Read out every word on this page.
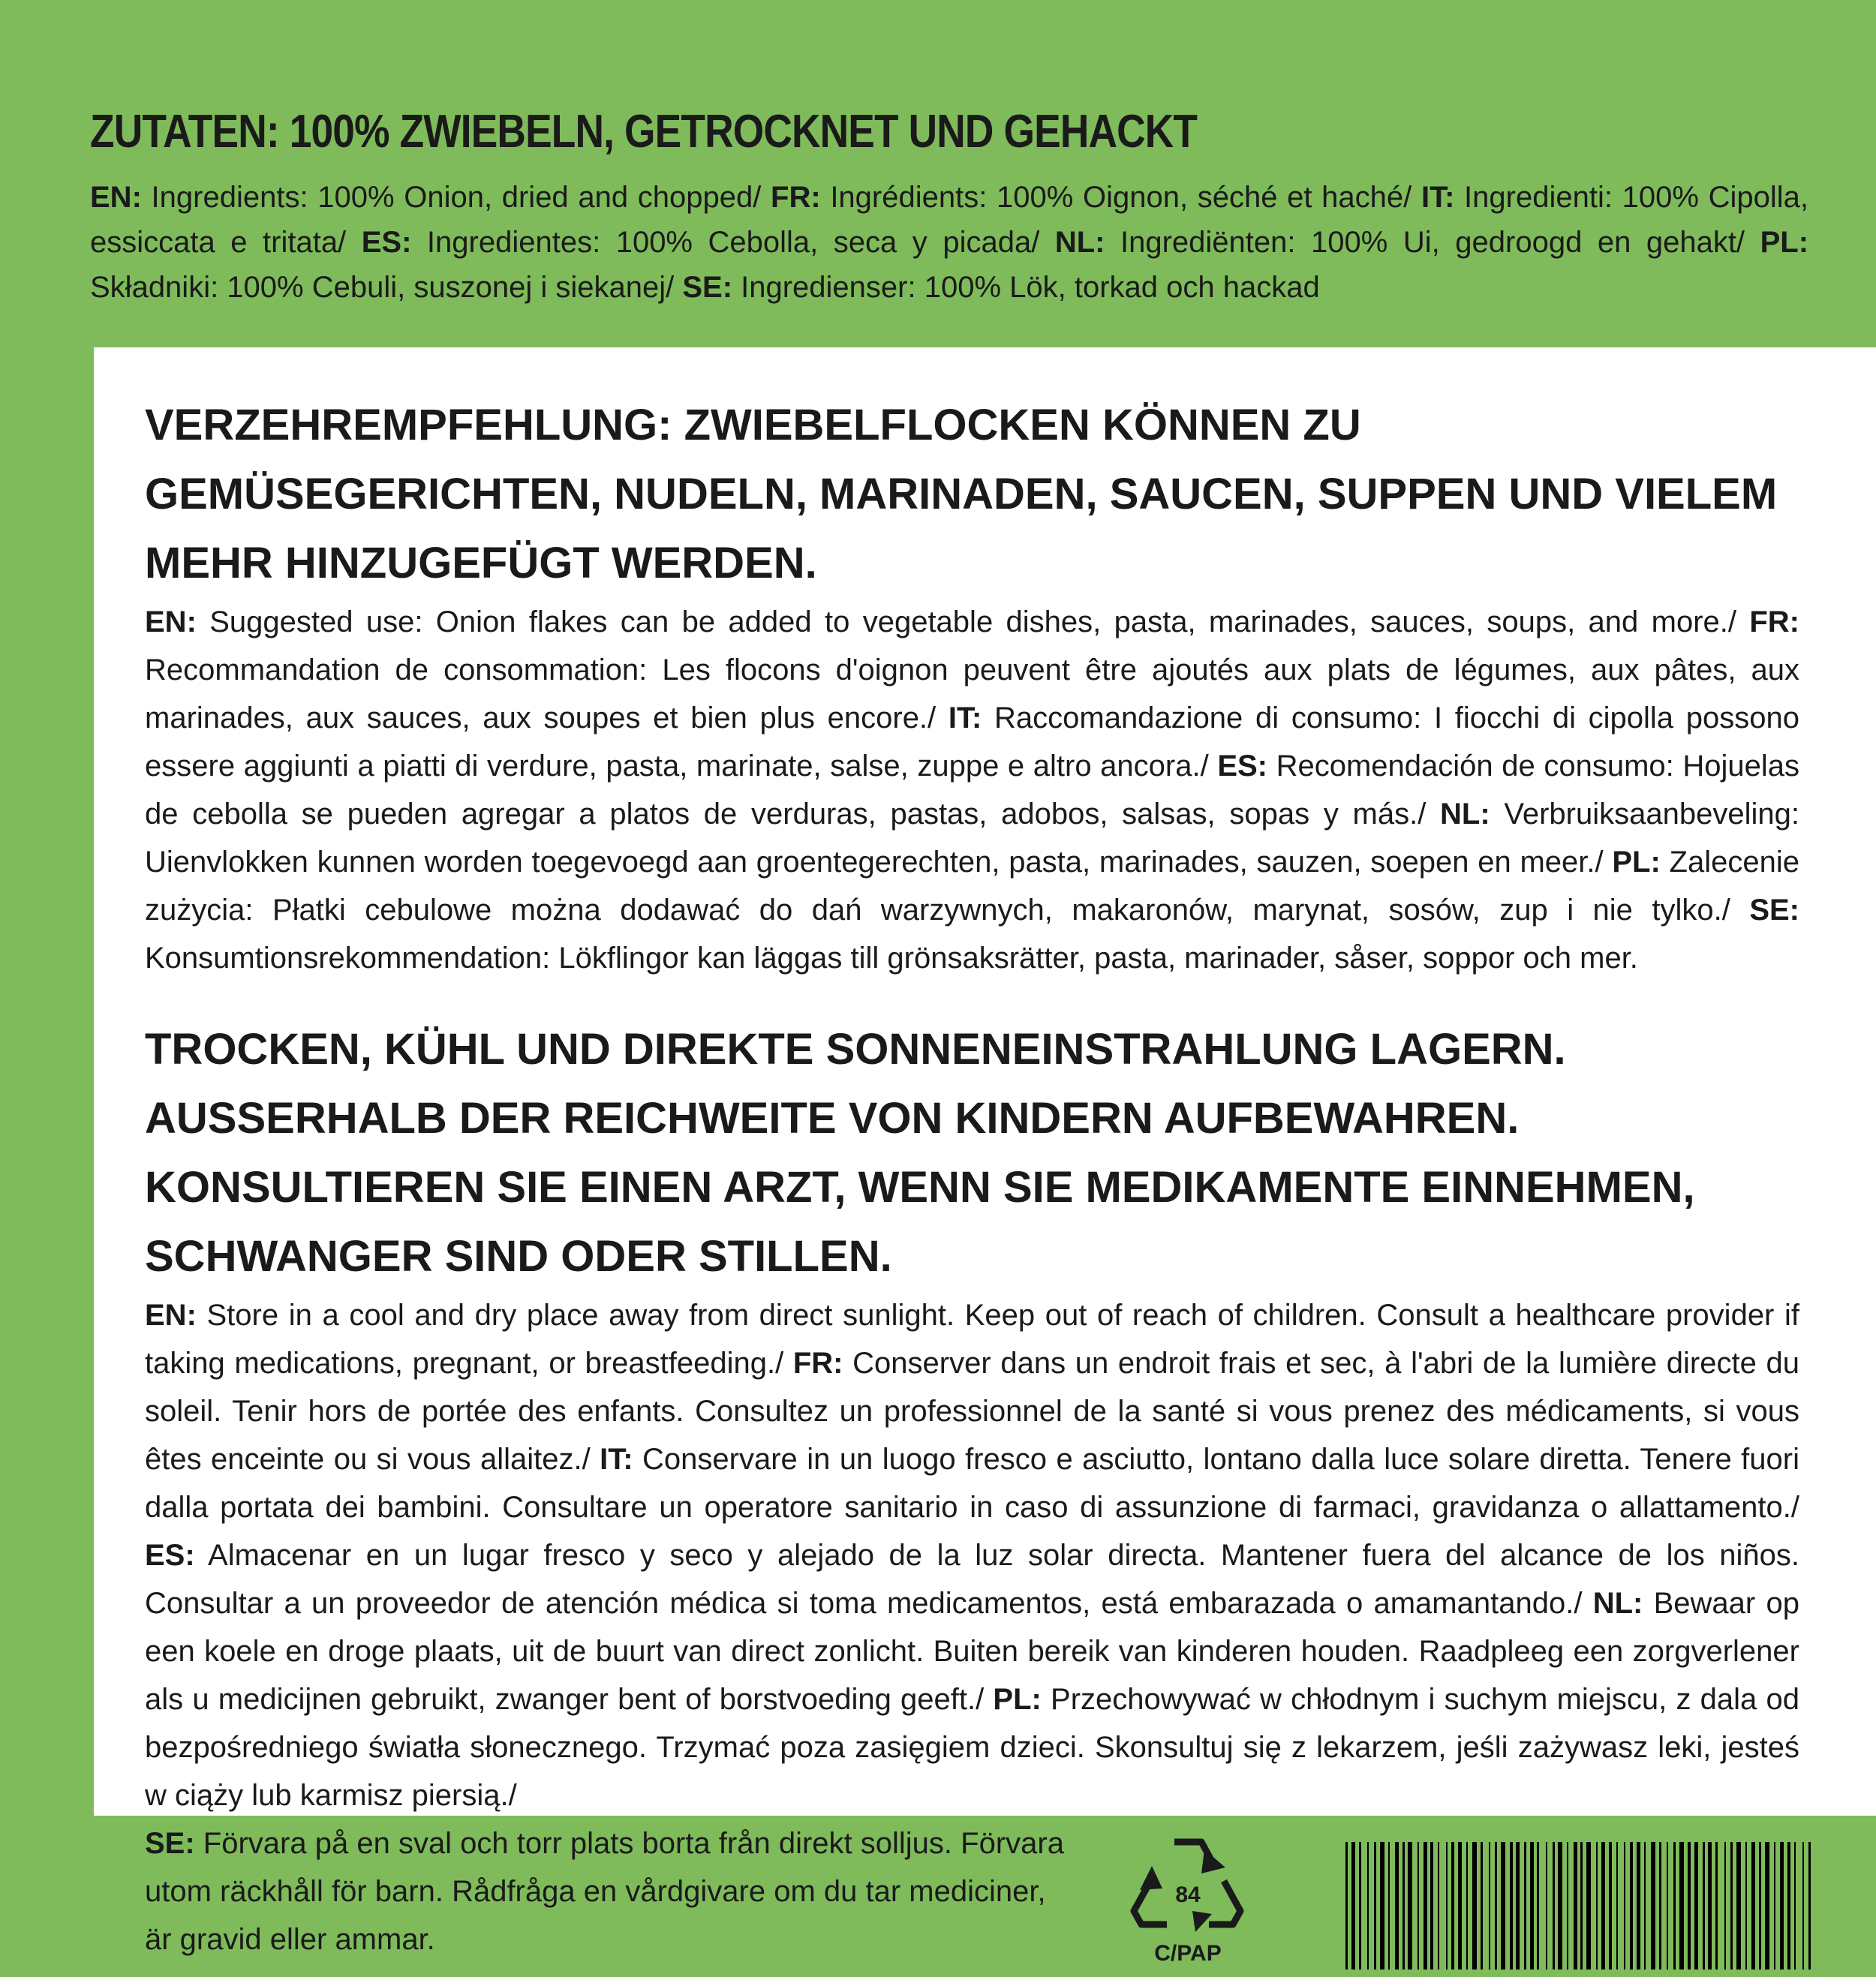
ZUTATEN: 100% ZWIEBELN, GETROCKNET UND GEHACKT

EN: Ingredients: 100% Onion, dried and chopped/ FR: Ingrédients: 100% Oignon, séché et haché/ IT: Ingredienti: 100% Cipolla, essiccata e tritata/ ES: Ingredientes: 100% Cebolla, seca y picada/ NL: Ingrediënten: 100% Ui, gedroogd en gehakt/ PL: Składniki: 100% Cebuli, suszonej i siekanej/ SE: Ingredienser: 100% Lök, torkad och hackad

VERZEHREMPFEHLUNG: ZWIEBELFLOCKEN KÖNNEN ZU GEMÜSEGERICHTEN, NUDELN, MARINADEN, SAUCEN, SUPPEN UND VIELEM MEHR HINZUGEFÜGT WERDEN.

EN: Suggested use: Onion flakes can be added to vegetable dishes, pasta, marinades, sauces, soups, and more./ FR: Recommandation de consommation: Les flocons d'oignon peuvent être ajoutés aux plats de légumes, aux pâtes, aux marinades, aux sauces, aux soupes et bien plus encore./ IT: Raccomandazione di consumo: I fiocchi di cipolla possono essere aggiunti a piatti di verdure, pasta, marinate, salse, zuppe e altro ancora./ ES: Recomendación de consumo: Hojuelas de cebolla se pueden agregar a platos de verduras, pastas, adobos, salsas, sopas y más./ NL: Verbruiksaanbeveling: Uienvlokken kunnen worden toegevoegd aan groentegerechten, pasta, marinades, sauzen, soepen en meer./ PL: Zalecenie zużycia: Płatki cebulowe można dodawać do dań warzywnych, makaronów, marynat, sosów, zup i nie tylko./ SE: Konsumtionsrekommendation: Lökflingor kan läggas till grönsaksrätter, pasta, marinader, såser, soppor och mer.

TROCKEN, KÜHL UND DIREKTE SONNENEINSTRAHLUNG LAGERN. AUSSERHALB DER REICHWEITE VON KINDERN AUFBEWAHREN. KONSULTIEREN SIE EINEN ARZT, WENN SIE MEDIKAMENTE EINNEHMEN, SCHWANGER SIND ODER STILLEN.

EN: Store in a cool and dry place away from direct sunlight. Keep out of reach of children. Consult a healthcare provider if taking medications, pregnant, or breastfeeding./ FR: Conserver dans un endroit frais et sec, à l'abri de la lumière directe du soleil. Tenir hors de portée des enfants. Consultez un professionnel de la santé si vous prenez des médicaments, si vous êtes enceinte ou si vous allaitez./ IT: Conservare in un luogo fresco e asciutto, lontano dalla luce solare diretta. Tenere fuori dalla portata dei bambini. Consultare un operatore sanitario in caso di assunzione di farmaci, gravidanza o allattamento./ ES: Almacenar en un lugar fresco y seco y alejado de la luz solar directa. Mantener fuera del alcance de los niños. Consultar a un proveedor de atención médica si toma medicamentos, está embarazada o amamantando./ NL: Bewaar op een koele en droge plaats, uit de buurt van direct zonlicht. Buiten bereik van kinderen houden. Raadpleeg een zorgverlener als u medicijnen gebruikt, zwanger bent of borstvoeding geeft./ PL: Przechowywać w chłodnym i suchym miejscu, z dala od bezpośredniego światła słonecznego. Trzymać poza zasięgiem dzieci. Skonsultuj się z lekarzem, jeśli zażywasz leki, jesteś w ciąży lub karmisz piersią./

SE: Förvara på en sval och torr plats borta från direkt solljus. Förvara utom räckhåll för barn. Rådfråga en vårdgivare om du tar mediciner, är gravid eller ammar.

84
C/PAP
